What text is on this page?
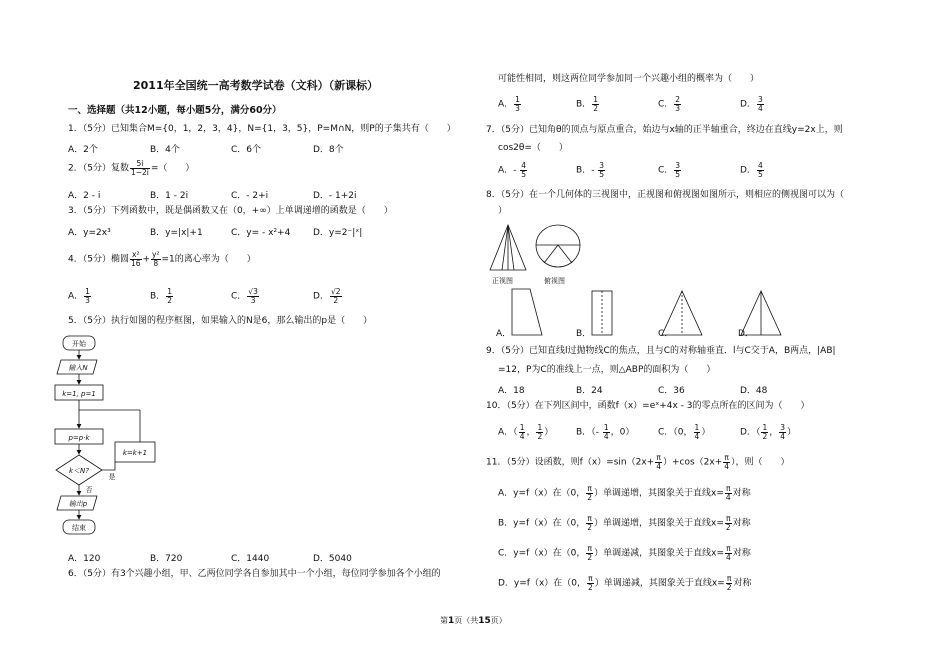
2011年全国统一高考数学试卷（文科）（新课标）
一、选择题（共12小题，每小题5分，满分60分）
1．（5分）已知集合M={0，1，2，3，4}，N={1，3，5}，P=M∩N，则P的子集共有（　　）
A．2个	B．4个	C．6个	D．8个
2．（5分）复数 $\frac{5i}{1-2i}$ =（　　）
A．2 - i	B．1 - 2i	C．- 2+i	D．- 1+2i
3．（5分）下列函数中，既是偶函数又在（0，+∞）上单调递增的函数是（　　）
A．y=2x³	B．y=|x|+1	C．y= - x²+4	D．y=2⁻|ˣ|
4．（5分）椭圆 $\frac{\text{x²}}{16} + \frac{\text{y²}}{8} =1$的离心率为（　　）
A． $\frac{1}{3}$	B． $\frac{1}{2}$	C． $\frac{√3}{3}$	D． $\frac{√2}{2}$
5．（5分）执行如图的程序框图，如果输入的N是6，那么输出的p是（　　）
开始
输入N
k=1, p=1
p=p·k
k＜N?
k=k+1
是
否
输出p
结束
A．120	B．720	C．1440	D．5040
6．（5分）有3个兴趣小组，甲、乙两位同学各自参加其中一个小组，每位同学参加各个小组的
可能性相同，则这两位同学参加同一个兴趣小组的概率为（　　）
A． $\frac{1}{3}$	B． $\frac{1}{2}$	C． $\frac{2}{3}$	D． $\frac{3}{4}$
7．（5分）已知角θ的顶点与原点重合，始边与x轴的正半轴重合，终边在直线y=2x上，则
cos2θ=（　　）
A．- $\frac{4}{5}$	B．- $\frac{3}{5}$	C． $\frac{3}{5}$	D． $\frac{4}{5}$
8．（5分）在一个几何体的三视图中，正视图和俯视图如图所示，则相应的侧视图可以为（
）
正视图	俯视图
A．	B．	C．	D．
9．（5分）已知直线l过抛物线C的焦点，且与C的对称轴垂直．l与C交于A，B两点，|AB|
=12，P为C的准线上一点，则△ABP的面积为（　　）
A．18	B．24	C．36	D．48
10．（5分）在下列区间中，函数f（x）=eˣ+4x - 3的零点所在的区间为（　　）
A．（ $\frac{1}{4}$ ， $\frac{1}{2}$ ）	B．（- $\frac{1}{4}$ ，0）	C．（0， $\frac{1}{4}$ ）	D．（ $\frac{1}{2}$ ， $\frac{3}{4}$ ）
11．（5分）设函数，则$f(x)=\sin(2x+ \frac{\pi}{4} )+\cos(2x+ \frac{\pi}{4}$ ），则（　　）
A．y=f（x）在（0， $\frac{\pi}{2}$ ）单调递增，其图象关于直线$x= \frac{\pi}{4}$ 对称
B．y=f（x）在（0， $\frac{\pi}{2}$ ）单调递增，其图象关于直线$x= \frac{\pi}{2}$ 对称
C．y=f（x）在（0， $\frac{\pi}{2}$ ）单调递减，其图象关于直线$x= \frac{\pi}{4}$ 对称
D．y=f（x）在（0， $\frac{\pi}{2}$ ）单调递减，其图象关于直线$x= \frac{\pi}{2}$ 对称
第1页（共15页）
